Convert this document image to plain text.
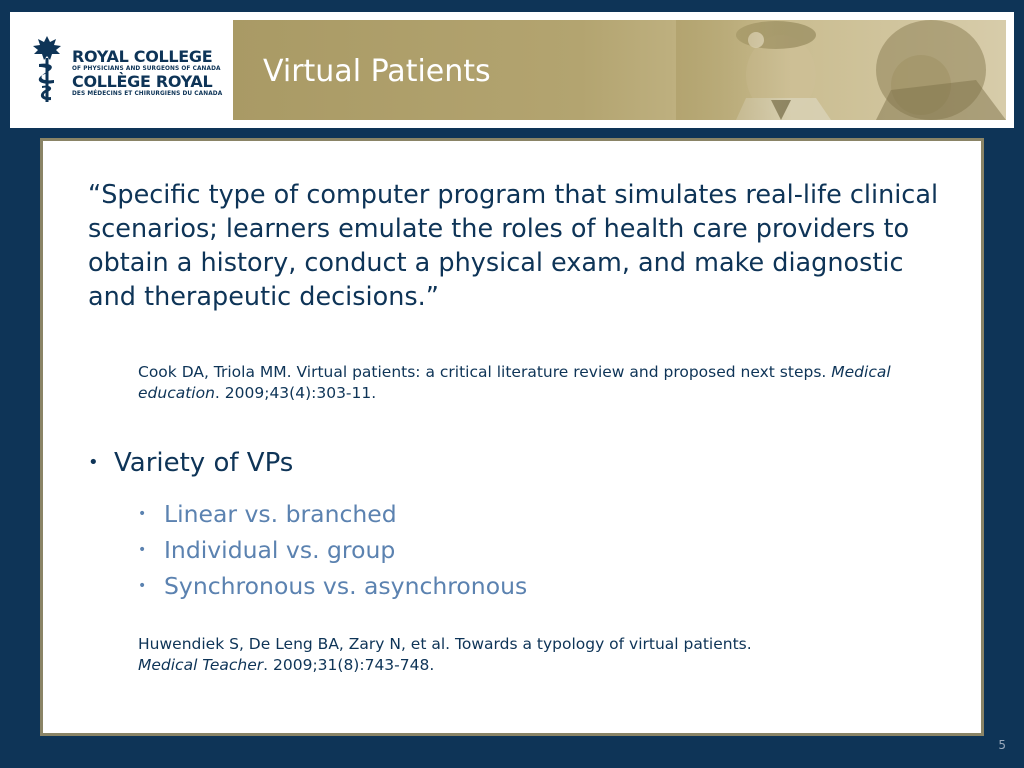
ROYAL COLLEGE
OF PHYSICIANS AND SURGEONS OF CANADA
COLLÈGE ROYAL
DES MÉDECINS ET CHIRURGIENS DU CANADA
Virtual Patients
“Specific type of computer program that simulates real-life clinical scenarios; learners emulate the roles of health care providers to obtain a history, conduct a physical exam, and make diagnostic and therapeutic decisions.”
Cook DA, Triola MM. Virtual patients: a critical literature review and proposed next steps. Medical education. 2009;43(4):303-11.
• Variety of VPs
• Linear vs. branched
• Individual vs. group
• Synchronous vs. asynchronous
Huwendiek S, De Leng BA, Zary N, et al. Towards a typology of virtual patients.
Medical Teacher. 2009;31(8):743-748.
5
